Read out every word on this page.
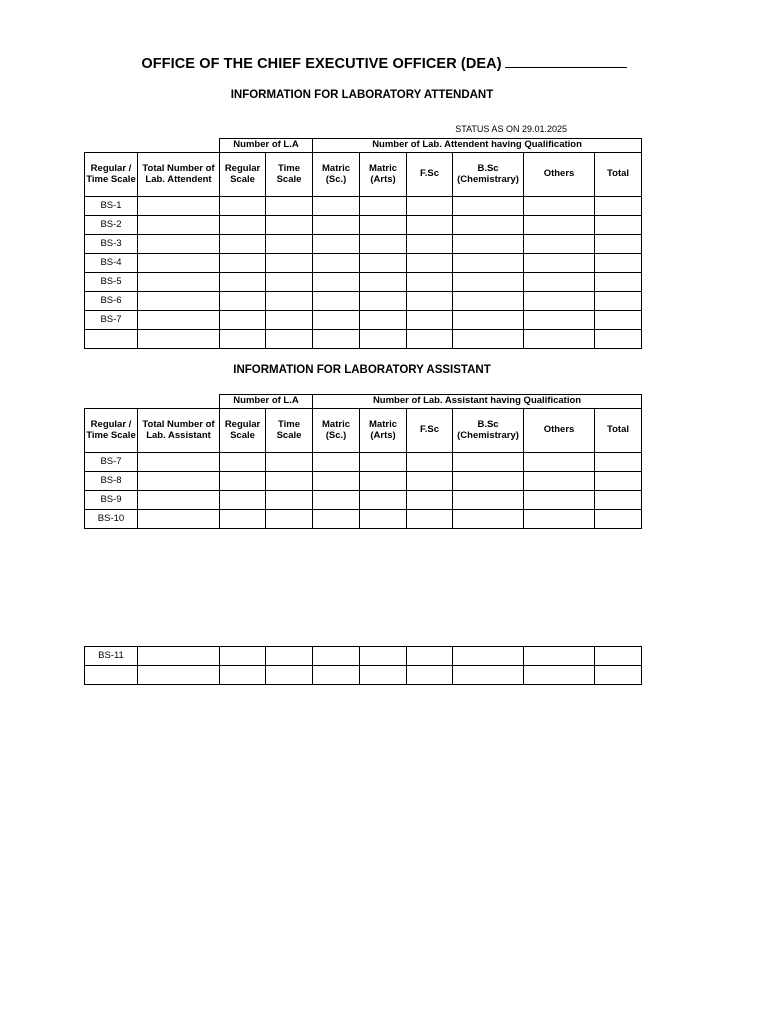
OFFICE OF THE CHIEF EXECUTIVE OFFICER (DEA)
INFORMATION FOR LABORATORY ATTENDANT
STATUS AS ON 29.01.2025
		Number of L.A		Number of Lab. Attendent having Qualification					
Regular / Time Scale	Total Number of Lab. Attendent	Regular Scale	Time Scale	Matric (Sc.)	Matric (Arts)	F.Sc	B.Sc (Chemistrary)	Others	Total
BS-1									
BS-2									
BS-3									
BS-4									
BS-5									
BS-6									
BS-7									

INFORMATION FOR LABORATORY ASSISTANT
		Number of L.A		Number of Lab. Assistant having Qualification					
Regular / Time Scale	Total Number of Lab. Assistant	Regular Scale	Time Scale	Matric (Sc.)	Matric (Arts)	F.Sc	B.Sc (Chemistrary)	Others	Total
BS-7									
BS-8									
BS-9									
BS-10									
BS-11									
